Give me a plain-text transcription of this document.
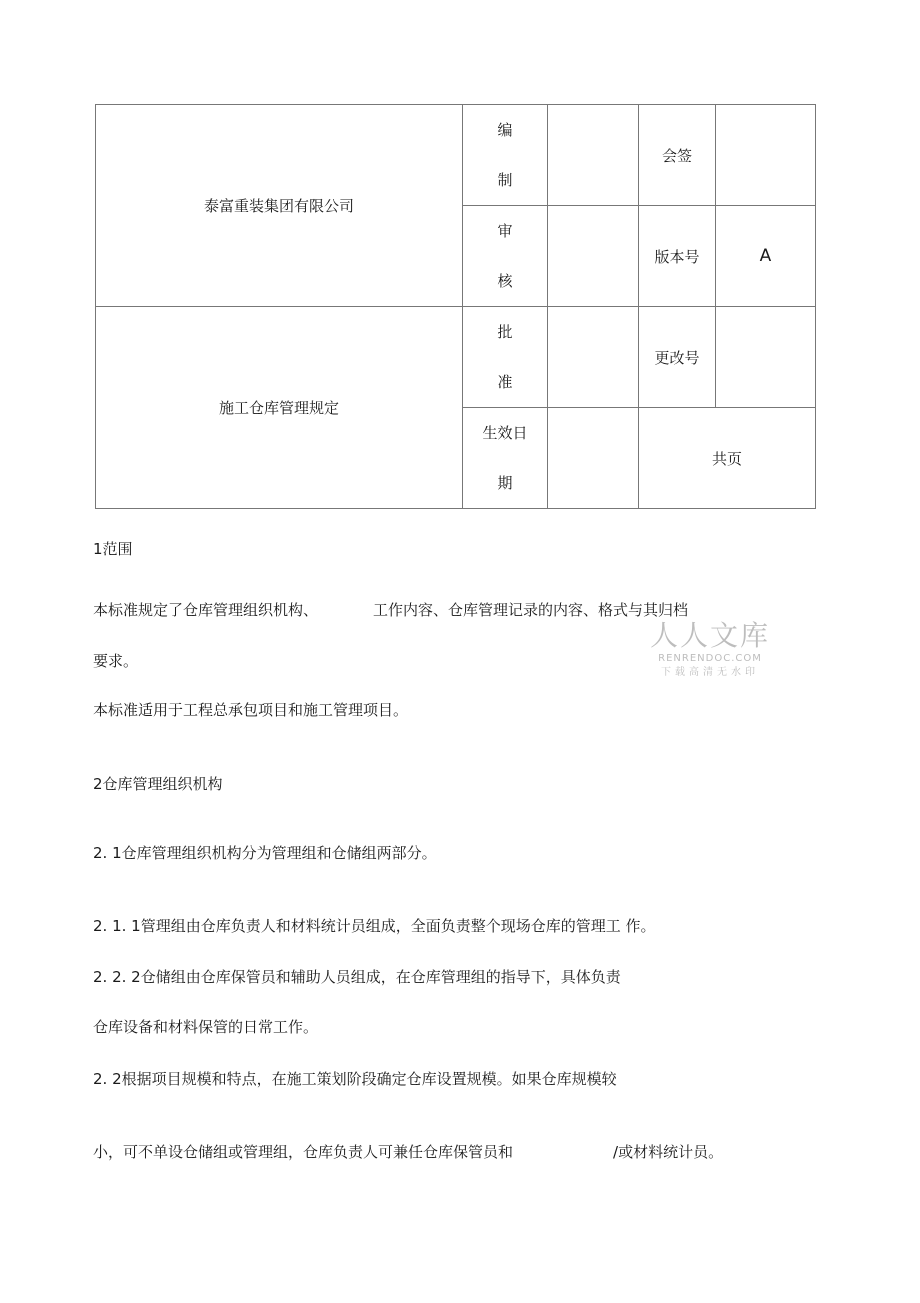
泰富重装集团有限公司	编
制		会签	

	审
核		版本号	A
施工仓库管理规定	批
准		更改号	

	生效日
期		共页	
1范围
本标准规定了仓库管理组织机构、	工作内容、仓库管理记录的内容、格式与其归档
要求。
本标准适用于工程总承包项目和施工管理项目。
2仓库管理组织机构
2. 1仓库管理组织机构分为管理组和仓储组两部分。
2. 1. 1管理组由仓库负责人和材料统计员组成，全面负责整个现场仓库的管理工 作。
2. 2. 2仓储组由仓库保管员和辅助人员组成，在仓库管理组的指导下，具体负责
仓库设备和材料保管的日常工作。
2. 2根据项目规模和特点，在施工策划阶段确定仓库设置规模。如果仓库规模较
小，可不单设仓储组或管理组，仓库负责人可兼任仓库保管员和	/或材料统计员。
人人文库
RENRENDOC.COM
下载高清无水印
